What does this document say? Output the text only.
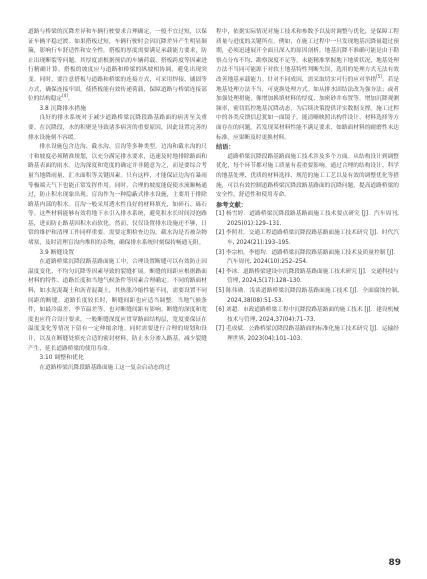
道路与桥梁的沉降差异和车辆行驶要求合理确定，一般不宜过短，以保证车辆平稳过渡。如果搭板过短，车辆行驶时会因沉降差异产生明显颠簸，影响行车舒适性和安全性。搭板的厚度需要满足承载能力要求，防止出现断裂等问题。其厚度需根据预估的车辆荷载、搭板跨度等因素进行精确计算。搭板的坡度应与道路和桥梁的纵坡相协调，避免出现突变。同时，要注意搭板与道路和桥梁的连接方式，可采用焊接、铺固等方式，确保连接牢固，使搭板能有效传递荷载，保障道路与桥梁连接部位的结构稳定[4]。

3.8 沉降排水措施

良好的排水系统对于减少道路桥梁沉降段路基路面的病害至关重要。在沉降段，水的积聚是导致诸多病害的重要原因，因此设置完善的排水设施刻不容缓。

排水设施包含边沟、截水沟、盲沟等多种类型。边沟和截水沟的尺寸和坡度必须精准规划，以充分满足排水要求，迅速及时地排除路面和路基表面的雨水。边沟深度和宽度的确定并非随意为之，而是要综合考量当地降雨量、汇水面积等关键因素。只有这样，才能保证边沟在暴雨等极端天气下也能正常发挥作用。同时，合理的坡度能促使水流顺畅通过，防止积水现象出现。盲沟作为一种隐蔽式排水设施，主要用于排除路基内部的积水。盲沟一般采用透水性良好的材料填充，如碎石、砾石等。这些材料能够有效将地下水引入排水系统，避免积水长时间浸泡路基，进而防止路基因积水而软化。然而，仅仅设置排水设施还不够，日常的维护和清理工作同样重要。需要定期检查边沟，截水沟是否被杂物堵塞，及时清理盲沟内堆积的杂物，确保排水系统时刻保持畅通无阻。

3.9 断缝设置

在道路桥梁沉降段路基路面施工中，合理设置断缝可以有效防止因温度变化、不均匀沉降等因素导致的裂缝扩展。断缝的间距应根据路面材料的特性、道路长度和当地气候条件等因素合理确定。不同的路面材料，如水泥混凝土和沥青混凝土，其热胀冷缩性能不同，需要设置不同间距的断缝。道路长度较长时，断缝间距也应适当调整。当地气候条件，如最冷温差、季节温差等，也对断缝间距有影响。断缝的深度和宽度也应符合设计要求，一般断缝深度应贯穿路面结构层，宽度要保证在温度变化等情况下留有一定伸缩余地。同时需要进行合理的规划和设计，以及在断缝处填充合适的密封材料，防止水分渗入路基，减少裂缝产生，延长道路桥梁的使用寿命。

3.10 调整和优化

在道路桥梁沉降段路基路面施工这一复杂启动态的过

程中，依据实际情况对施工技术和参数予以及时调整与优化，是保障工程质量与进度的关键所在。例如，在施工过程中一旦发现地基沉降量超过预期，必须迅速展开全面且深入的原因剖析。地基沉降不准确可能是由于勘察点分布不均、勘察深度不足等，未能精准掌握地下地质状况，地基处理方法不当同可能源于对软土地基特性判断失误，选用的处理方式无法有效改善地基承载能力。针对不同成因，需采取切实可行的应对举措[5]。若是地基处理方法不当，可更换处理方式。如从排水固结法改为强夯法；或者加强处理措施，像增加换填材料的厚度、加密砂井布置等，增加沉降观测频率，密切监控地基沉降动态，为后续决策提供详实数据支撑。施工过程中的各类反馈信息犹如一面镜子，能清晰映照出构件设计、材料选择等方面存在的问题。若发现某材料性能不满足要求，如路面材料的耐磨性未达标准，应果断及时更换材料。

结语：

道路桥梁沉降段路基路面施工技术涉及多个方面。从结构设计到调整优化，每个环节都对施工质量有着重要影响。通过合理的结构设计、科学的地基处理、优质的材料选择、规范的施工工艺以及有效的调整优化等措施，可以有效控制道路桥梁沉降段路基路面的沉降问题，提高道路桥梁的安全性、舒适性和使用寿命。

参考文献：

[1] 杨雪婷．道路桥梁沉降段路基路面施工技术要点研究 [J]．汽车周刊, 2025(01):129–131.

[2] 李照君，交通工程道路桥梁沉降段路基路面施工技术研究 [J]．时代汽车, 2024(21):193–195.

[3] 李宗柏，李德均．道路桥梁沉降段路基路面施工技术及质量控制 [J]．汽车周刊, 2024(10):252–254.

[4] 李冰．道路桥梁建设中沉降段路基路面施工技术研究 [J]．交通科技与管理, 2024,5(17):128–130.

[5] 陈伟勋．浅谈道路桥梁沉降段路基路面施工技术 [J]．全面腐蚀控制, 2024,38(08):51–53.

[6] 刘超．市政道路桥梁工程中沉降段路基路面的施工技术 [J]．建设机械技术与管理, 2024,37(04):71–73.

[7] 毛成斌．公路桥梁沉降段路基路面的标准化施工技术研究 [J]．运输经理世界, 2023(04):101–103.

89
